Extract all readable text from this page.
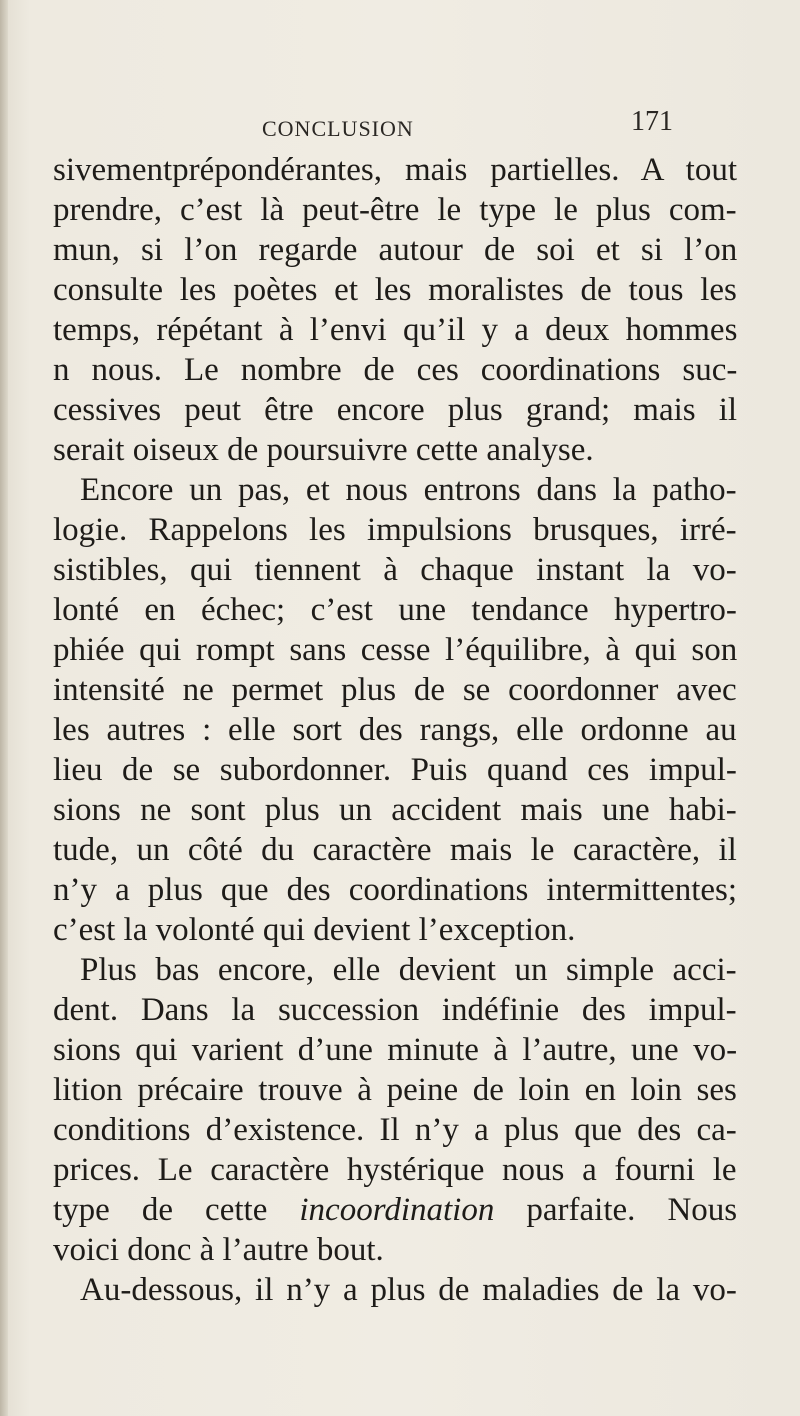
CONCLUSION	171
sivementprépondérantes, mais partielles. A tout
prendre, c’est là peut-être le type le plus com-
mun, si l’on regarde autour de soi et si l’on
consulte les poètes et les moralistes de tous les
temps, répétant à l’envi qu’il y a deux hommes
n nous. Le nombre de ces coordinations suc-
cessives peut être encore plus grand; mais il
serait oiseux de poursuivre cette analyse.
Encore un pas, et nous entrons dans la patho-
logie. Rappelons les impulsions brusques, irré-
sistibles, qui tiennent à chaque instant la vo-
lonté en échec; c’est une tendance hypertro-
phiée qui rompt sans cesse l’équilibre, à qui son
intensité ne permet plus de se coordonner avec
les autres : elle sort des rangs, elle ordonne au
lieu de se subordonner. Puis quand ces impul-
sions ne sont plus un accident mais une habi-
tude, un côté du caractère mais le caractère, il
n’y a plus que des coordinations intermittentes;
c’est la volonté qui devient l’exception.
Plus bas encore, elle devient un simple acci-
dent. Dans la succession indéfinie des impul-
sions qui varient d’une minute à l’autre, une vo-
lition précaire trouve à peine de loin en loin ses
conditions d’existence. Il n’y a plus que des ca-
prices. Le caractère hystérique nous a fourni le
type de cette incoordination parfaite. Nous
voici donc à l’autre bout.
Au-dessous, il n’y a plus de maladies de la vo-
